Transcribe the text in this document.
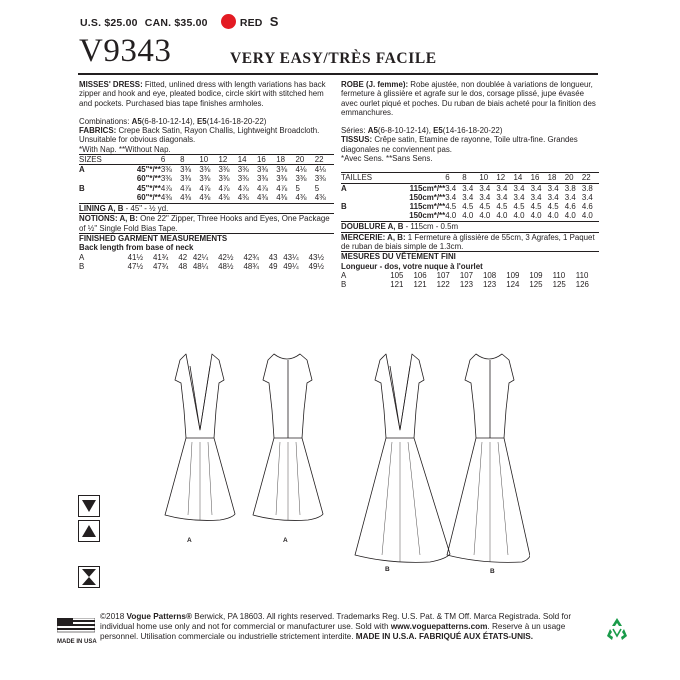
U.S. $25.00 CAN. $35.00	RED S
V9343	VERY EASY/TRÈS FACILE

MISSES' DRESS: Fitted, unlined dress with length variations has back zipper and hook and eye, pleated bodice, circle skirt with stitched hem and pockets. Purchased bias tape finishes armholes.

Combinations: A5(6-8-10-12-14), E5(14-16-18-20-22)

FABRICS: Crepe Back Satin, Rayon Challis, Lightweight Broadcloth.

Unsuitable for obvious diagonals.

*With Nap. **Without Nap.

SIZES		6	8	10	12	14	16	18	20	22
A	45"*/**	3⅜	3⅜	3⅜	3⅜	3⅜	3⅜	3⅜	4⅛	4⅛
	60"*/**	3⅜	3⅜	3⅜	3⅜	3⅜	3⅜	3⅜	3⅜	3⅜
B	45"*/**	4⅞	4⅞	4⅞	4⅞	4⅞	4⅞	4⅞	5	5
	60"*/**	4⅜	4⅜	4⅜	4⅜	4⅜	4⅜	4⅜	4⅜	4⅜

LINING A, B - 45" - ½ yd.

NOTIONS: A, B: One 22" Zipper, Three Hooks and Eyes, One Package of ½" Single Fold Bias Tape.

FINISHED GARMENT MEASUREMENTS

Back length from base of neck

A		41½	41¾	42	42¼	42½	42¾	43	43¼	43½
B		47½	47¾	48	48¼	48½	48¾	49	49¼	49½

ROBE (J. femme): Robe ajustée, non doublée à variations de longueur, fermeture à glissière et agrafe sur le dos, corsage plissé, jupe évasée avec ourlet piqué et poches. Du ruban de biais acheté pour la finition des emmanchures.

Séries: A5(6-8-10-12-14), E5(14-16-18-20-22)

TISSUS: Crêpe satin, Etamine de rayonne, Toile ultra-fine. Grandes diagonales ne conviennent pas.

*Avec Sens. **Sans Sens.

TAILLES		6	8	10	12	14	16	18	20	22
A	115cm*/**	3.4	3.4	3.4	3.4	3.4	3.4	3.4	3.8	3.8
	150cm*/**	3.4	3.4	3.4	3.4	3.4	3.4	3.4	3.4	3.4
B	115cm*/**	4.5	4.5	4.5	4.5	4.5	4.5	4.5	4.6	4.6
	150cm*/**	4.0	4.0	4.0	4.0	4.0	4.0	4.0	4.0	4.0

DOUBLURE A, B - 115cm - 0.5m

MERCERIE: A, B: 1 Fermeture à glissière de 55cm, 3 Agrafes, 1 Paquet de ruban de biais simple de 1.3cm.

MESURES DU VÊTEMENT FINI

Longueur - dos, votre nuque à l'ourlet

A		105	106	107	107	108	109	109	110	110
B		121	121	122	123	123	124	125	125	126
A	A
B	B
MADE IN USA
©2018 Vogue Patterns® Berwick, PA 18603. All rights reserved. Trademarks Reg. U.S. Pat. & TM Off. Marca Registrada. Sold for individual home use only and not for commercial or manufacturer use. Sold with www.voguepatterns.com. Reserve à un usage personnel. Utilisation commerciale ou industrielle strictement interdite. MADE IN U.S.A. FABRIQUÉ AUX ÉTATS-UNIS.
